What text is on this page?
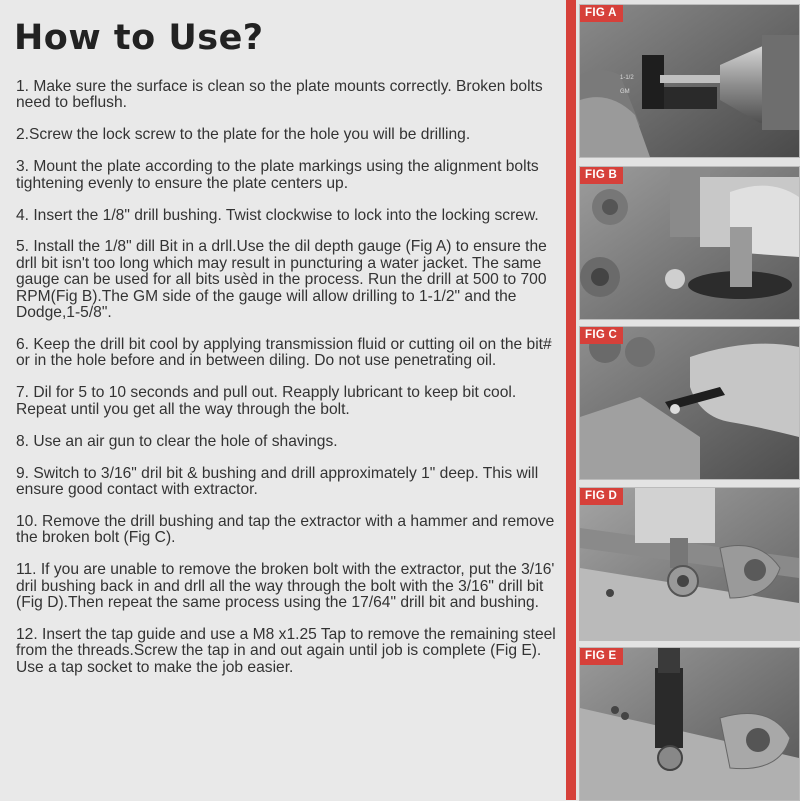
How to Use?

1. Make sure the surface is clean so the plate mounts correctly. Broken bolts need to beflush.

2.Screw the lock screw to the plate for the hole you will be drilling.

3. Mount the plate according to the plate markings using the alignment bolts tightening evenly to ensure the plate centers up.

4. Insert the 1/8" drill bushing. Twist clockwise to lock into the locking screw.

5. Install the 1/8" dill Bit in a drll.Use the dil depth gauge (Fig A) to ensure the drll bit isn't too long which may result in puncturing a water jacket. The same gauge can be used for all bits usèd in the process. Run the drill at 500 to 700 RPM(Fig B).The GM side of the gauge will allow drilling to 1-1/2" and the Dodge,1-5/8".

6. Keep the drill bit cool by applying transmission fluid or cutting oil on the bit# or in the hole before and in between diling. Do not use penetrating oil.

7. Dil for 5 to 10 seconds and pull out. Reapply lubricant to keep bit cool. Repeat until you get all the way through the bolt.

8. Use an air gun to clear the hole of shavings.

9. Switch to 3/16" dril bit & bushing and drill approximately 1" deep. This will ensure good contact with extractor.

10. Remove the drill bushing and tap the extractor with a hammer and remove the broken bolt (Fig C).

11. If you are unable to remove the broken bolt with the extractor, put the 3/16' dril bushing back in and drll all the way through the bolt with the 3/16" drill bit (Fig D).Then repeat the same process using the 17/64" drill bit and bushing.

12. Insert the tap guide and use a M8 x1.25 Tap to remove the remaining steel from the threads.Screw the tap in and out again until job is complete (Fig E). Use a tap socket to make the job easier.

1-1/2
GM
FIG A
FIG B
FIG C
FIG D
FIG E
